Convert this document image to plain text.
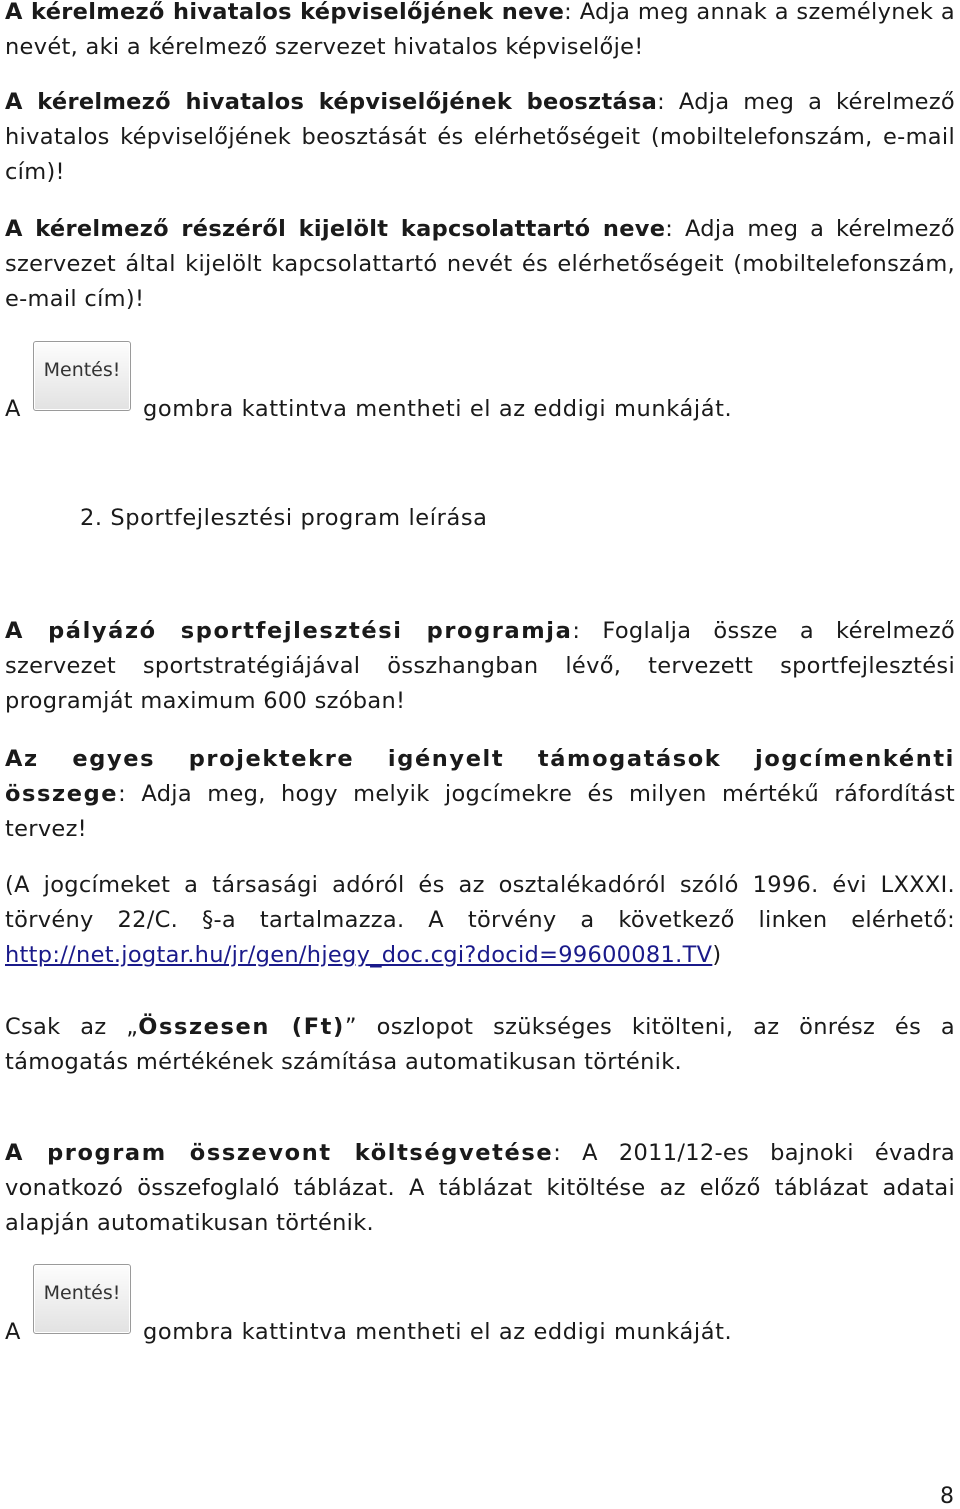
A kérelmező hivatalos képviselőjének neve: Adja meg annak a személynek a nevét, aki a kérelmező szervezet hivatalos képviselője!
A kérelmező hivatalos képviselőjének beosztása: Adja meg a kérelmező hivatalos képviselőjének beosztását és elérhetőségeit (mobiltelefonszám, e-mail cím)!
A kérelmező részéről kijelölt kapcsolattartó neve: Adja meg a kérelmező szervezet által kijelölt kapcsolattartó nevét és elérhetőségeit (mobiltelefonszám, e-mail cím)!
A
Mentés!
gombra kattintva mentheti el az eddigi munkáját.
2. Sportfejlesztési program leírása
A pályázó sportfejlesztési programja: Foglalja össze a kérelmező szervezet sportstratégiájával összhangban lévő, tervezett sportfejlesztési programját maximum 600 szóban!
Az egyes projektekre igényelt támogatások jogcímenkénti összege: Adja meg, hogy melyik jogcímekre és milyen mértékű ráfordítást tervez!
(A jogcímeket a társasági adóról és az osztalékadóról szóló 1996. évi LXXXI. törvény 22/C. §-a tartalmazza. A törvény a következő linken elérhető: http://net.jogtar.hu/jr/gen/hjegy_doc.cgi?docid=99600081.TV)
Csak az „Összesen (Ft)” oszlopot szükséges kitölteni, az önrész és a támogatás mértékének számítása automatikusan történik.
A program összevont költségvetése: A 2011/12-es bajnoki évadra vonatkozó összefoglaló táblázat. A táblázat kitöltése az előző táblázat adatai alapján automatikusan történik.
A
Mentés!
gombra kattintva mentheti el az eddigi munkáját.
8
